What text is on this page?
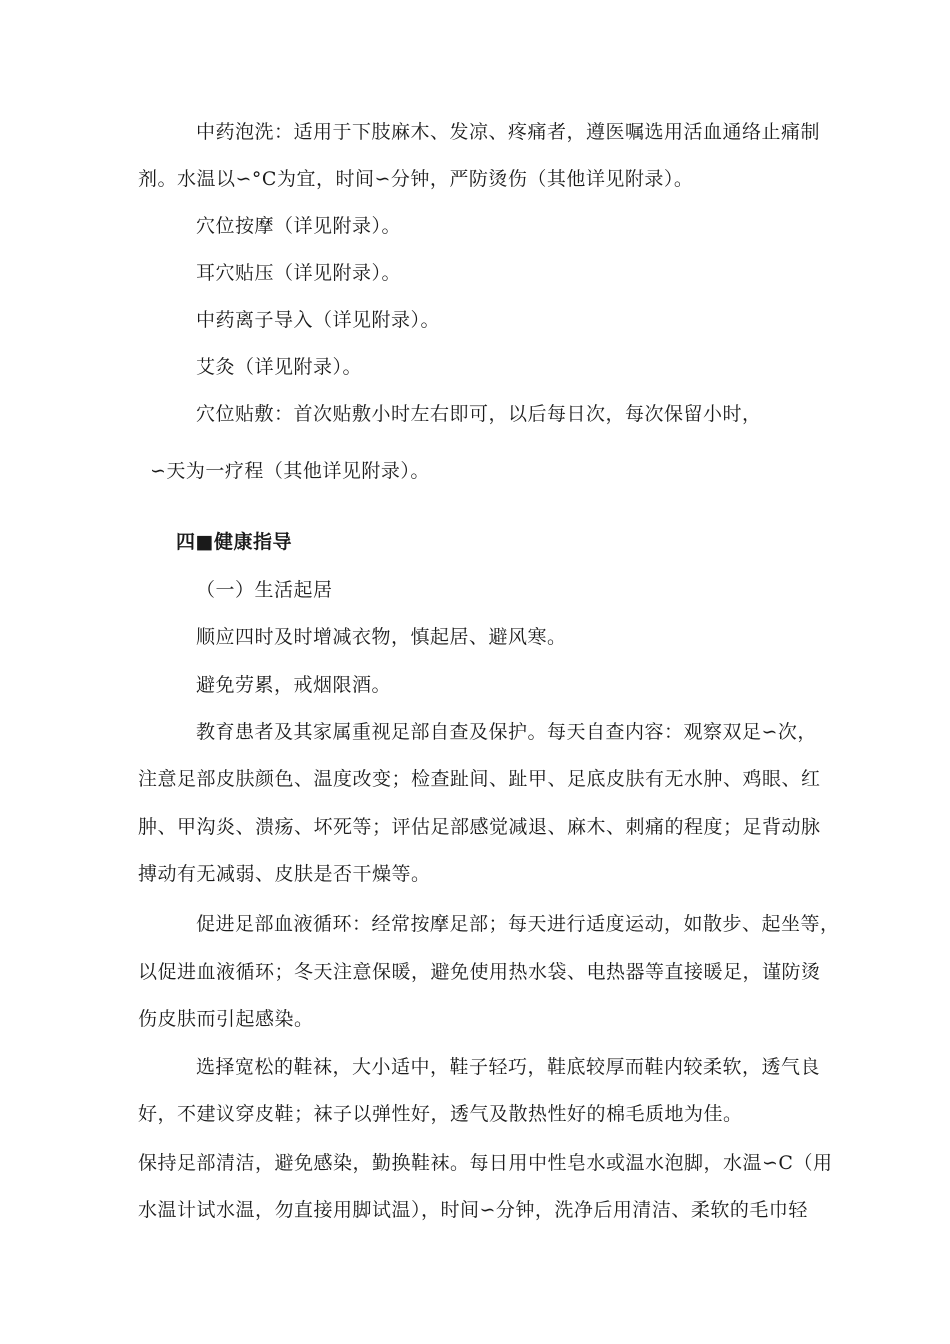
中药泡洗：适用于下肢麻木、发凉、疼痛者，遵医嘱选用活血通络止痛制

剂。水温以∽°C为宜，时间∽分钟，严防烫伤（其他详见附录）。

穴位按摩（详见附录）。

耳穴贴压（详见附录）。

中药离子导入（详见附录）。

艾灸（详见附录）。

穴位贴敷：首次贴敷小时左右即可，以后每日次，每次保留小时，

∽天为一疗程（其他详见附录）。

四■健康指导

（一）生活起居

顺应四时及时增减衣物，慎起居、避风寒。

避免劳累，戒烟限酒。

教育患者及其家属重视足部自查及保护。每天自查内容：观察双足∽次，

注意足部皮肤颜色、温度改变；检查趾间、趾甲、足底皮肤有无水肿、鸡眼、红

肿、甲沟炎、溃疡、坏死等；评估足部感觉减退、麻木、刺痛的程度；足背动脉

搏动有无减弱、皮肤是否干燥等。

促进足部血液循环：经常按摩足部；每天进行适度运动，如散步、起坐等，

以促进血液循环；冬天注意保暖，避免使用热水袋、电热器等直接暖足，谨防烫

伤皮肤而引起感染。

选择宽松的鞋袜，大小适中，鞋子轻巧，鞋底较厚而鞋内较柔软，透气良

好，不建议穿皮鞋；袜子以弹性好，透气及散热性好的棉毛质地为佳。

保持足部清洁，避免感染，勤换鞋袜。每日用中性皂水或温水泡脚，水温∽C（用

水温计试水温，勿直接用脚试温），时间∽分钟，洗净后用清洁、柔软的毛巾轻
